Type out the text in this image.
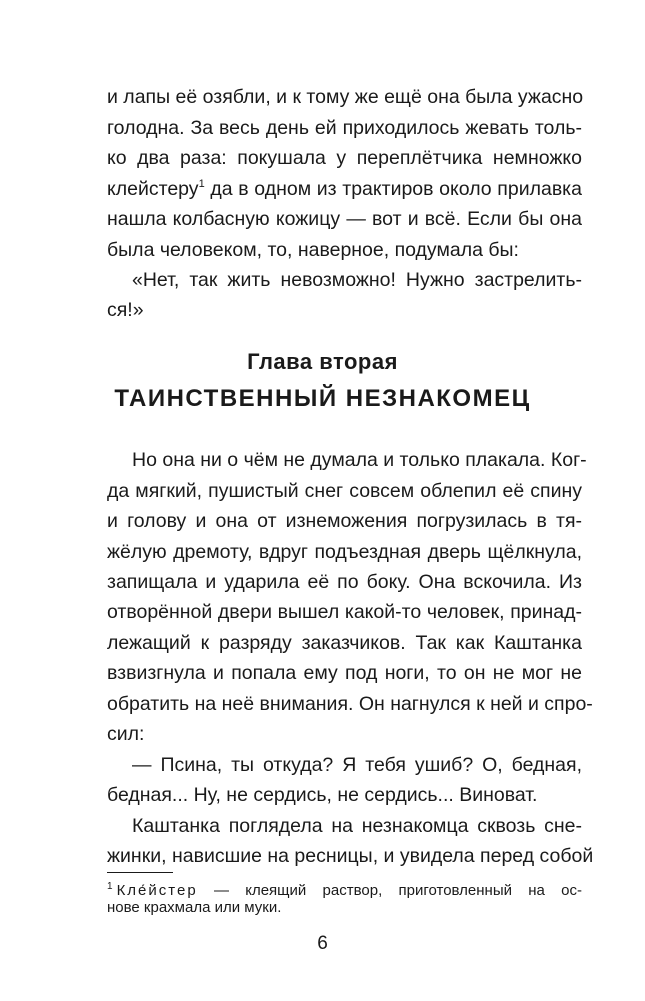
и лапы её озябли, и к тому же ещё она была ужасно
голодна. За весь день ей приходилось жевать толь-
ко два раза: покушала у переплётчика немножко
клейстеру$^1$ да в одном из трактиров около прилавка
нашла колбасную кожицу — вот и всё. Если бы она
была человеком, то, наверное, подумала бы:
«Нет, так жить невозможно! Нужно застрелить-
ся!»
Глава вторая
ТАИНСТВЕННЫЙ НЕЗНАКОМЕЦ
Но она ни о чём не думала и только плакала. Ког-
да мягкий, пушистый снег совсем облепил её спину
и голову и она от изнеможения погрузилась в тя-
жёлую дремоту, вдруг подъездная дверь щёлкнула,
запищала и ударила её по боку. Она вскочила. Из
отворённой двери вышел какой-то человек, принад-
лежащий к разряду заказчиков. Так как Каштанка
взвизгнула и попала ему под ноги, то он не мог не
обратить на неё внимания. Он нагнулся к ней и спро-
сил:
— Псина, ты откуда? Я тебя ушиб? О, бедная,
бедная... Ну, не сердись, не сердись... Виноват.
Каштанка поглядела на незнакомца сквозь сне-
жинки, нависшие на ресницы, и увидела перед собой
$^1$ Кле́йстер — клеящий раствор, приготовленный на ос-
нове крахмала или муки.
6
